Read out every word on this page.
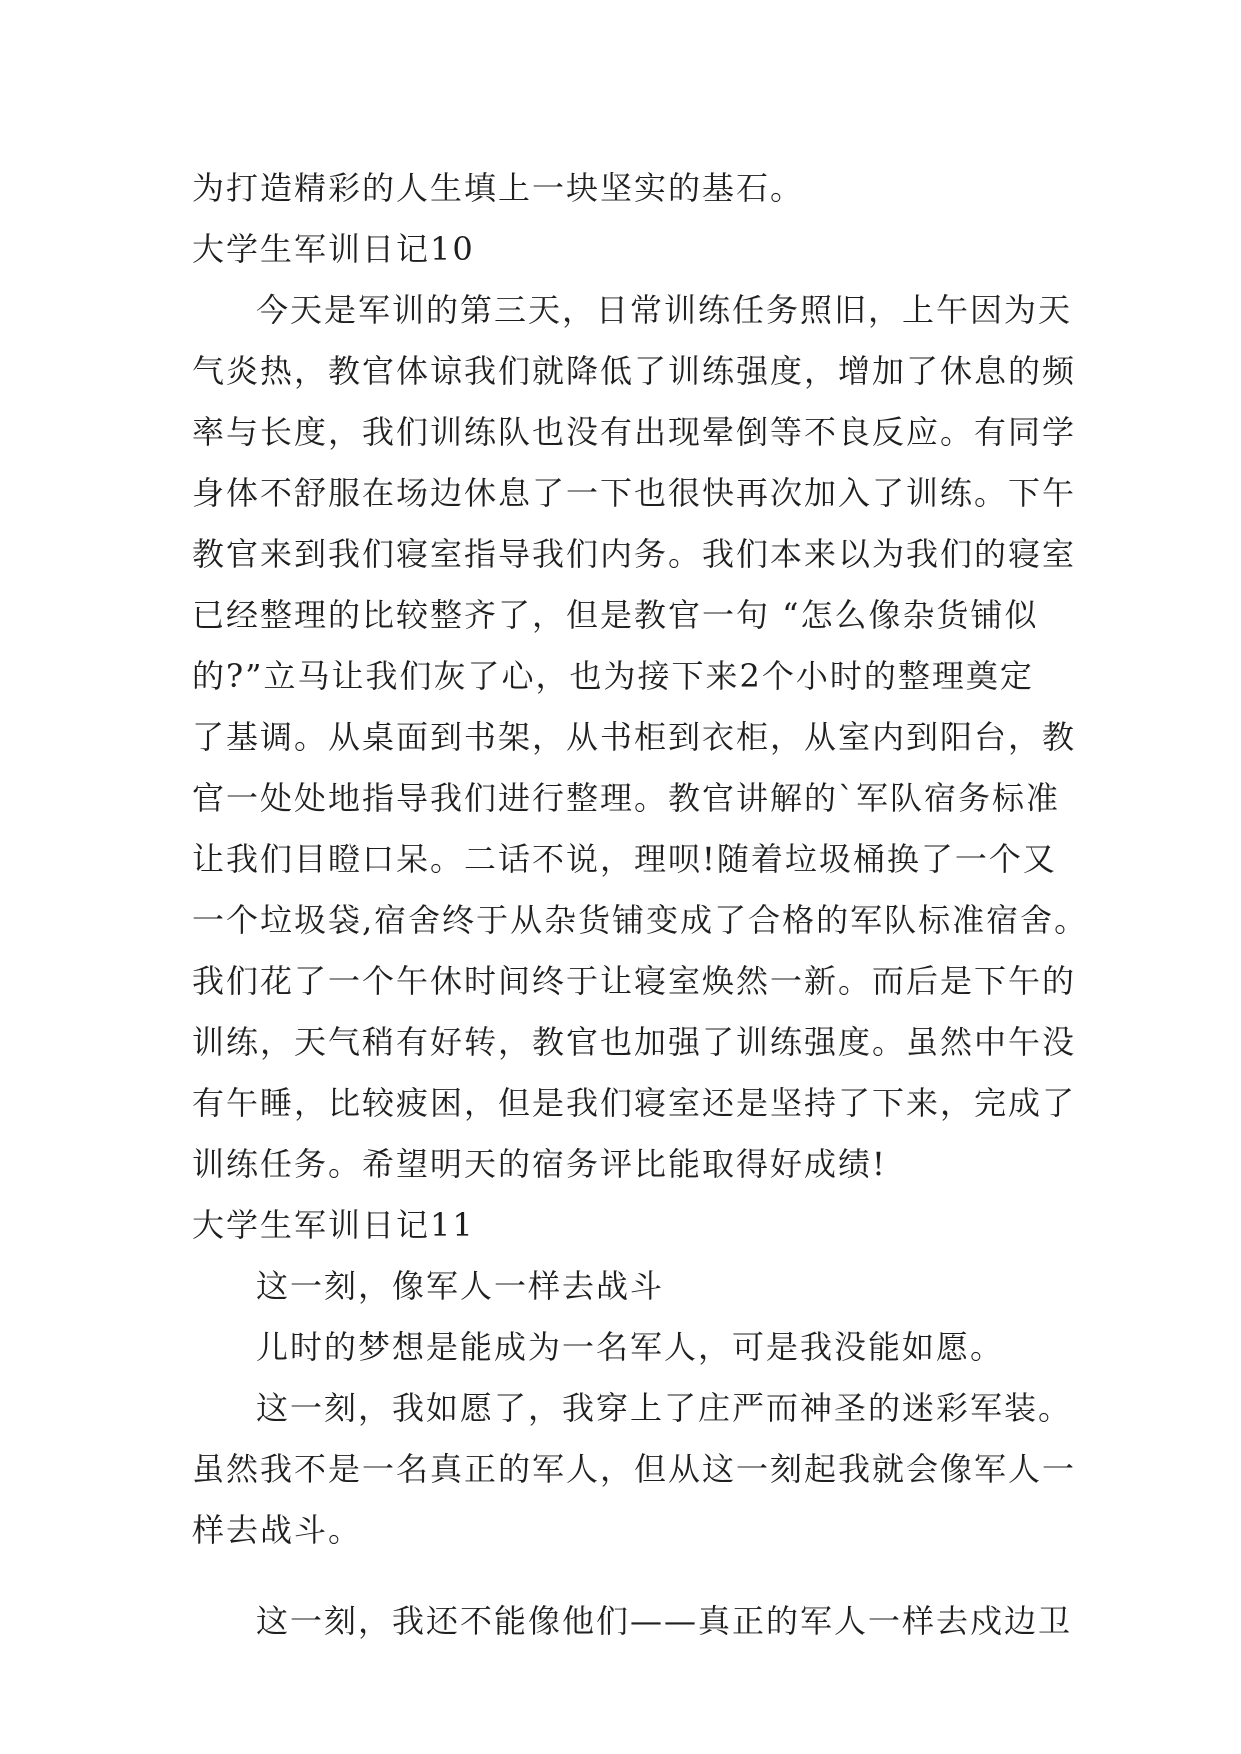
为打造精彩的人生填上一块坚实的基石。
大学生军训日记10
今天是军训的第三天，日常训练任务照旧，上午因为天
气炎热，教官体谅我们就降低了训练强度，增加了休息的频
率与长度，我们训练队也没有出现晕倒等不良反应。有同学
身体不舒服在场边休息了一下也很快再次加入了训练。下午
教官来到我们寝室指导我们内务。我们本来以为我们的寝室
已经整理的比较整齐了，但是教官一句 “怎么像杂货铺似
的?”立马让我们灰了心，也为接下来2个小时的整理奠定
了基调。从桌面到书架，从书柜到衣柜，从室内到阳台，教
官一处处地指导我们进行整理。教官讲解的`军队宿务标准
让我们目瞪口呆。二话不说，理呗!随着垃圾桶换了一个又
一个垃圾袋,宿舍终于从杂货铺变成了合格的军队标准宿舍。
我们花了一个午休时间终于让寝室焕然一新。而后是下午的
训练，天气稍有好转，教官也加强了训练强度。虽然中午没
有午睡，比较疲困，但是我们寝室还是坚持了下来，完成了
训练任务。希望明天的宿务评比能取得好成绩!
大学生军训日记11
这一刻，像军人一样去战斗
儿时的梦想是能成为一名军人，可是我没能如愿。
这一刻，我如愿了，我穿上了庄严而神圣的迷彩军装。
虽然我不是一名真正的军人，但从这一刻起我就会像军人一
样去战斗。
这一刻，我还不能像他们——真正的军人一样去戍边卫
